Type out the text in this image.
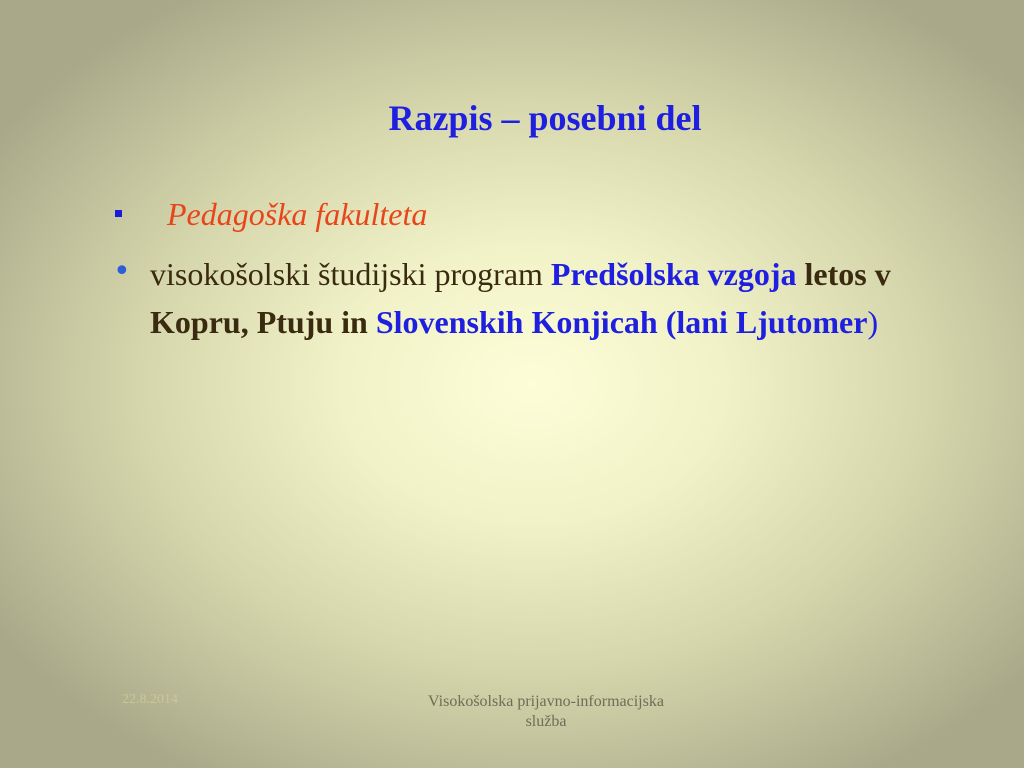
Razpis – posebni del
Pedagoška fakulteta
• visokošolski študijski program Predšolska vzgoja letos v Kopru, Ptuju in Slovenskih Konjicah (lani Ljutomer)
22.8.2014	Visokošolska prijavno-informacijska
služba
